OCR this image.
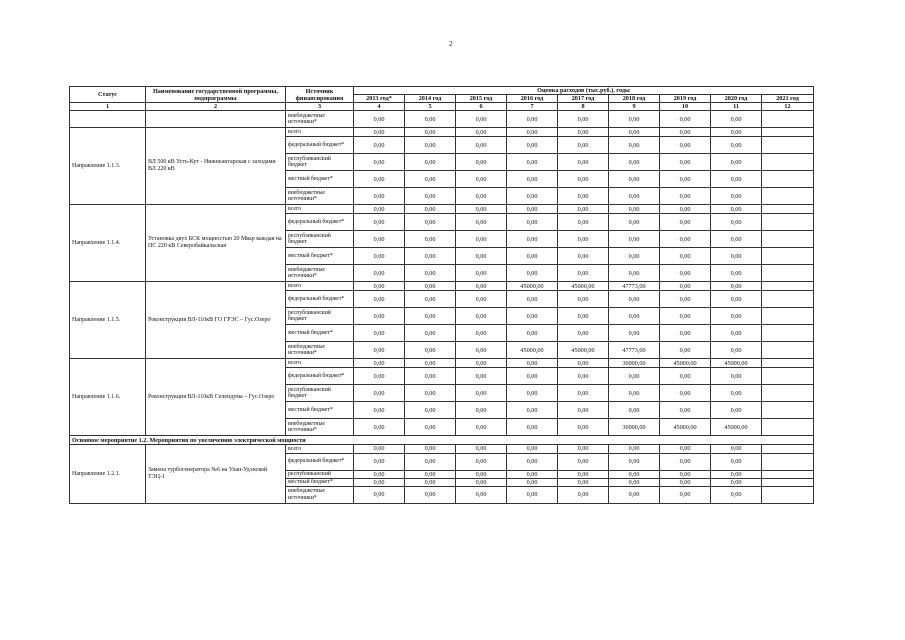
2
Статус	Наименование государственной программы, подпрограммы	Источник финансирования	Оценка расходов (тыс.руб.), годы								
			2013 год*	2014 год	2015 год	2016 год	2017 год	2018 год	2019 год	2020 год	2021 год
1	2	3	4	5	6	7	8	9	10	11	12
		внебюджетные источники*	0,00	0,00	0,00	0,00	0,00	0,00	0,00	0,00	
Направление 1.1.3.	ВЛ 500 кВ Усть-Кут - Нижнеангарская с заходами ВЛ 220 кВ	всего	0,00	0,00	0,00	0,00	0,00	0,00	0,00	0,00	
		федеральный бюджет*	0,00	0,00	0,00	0,00	0,00	0,00	0,00	0,00	
		республиканский бюджет	0,00	0,00	0,00	0,00	0,00	0,00	0,00	0,00	
		местный бюджет*	0,00	0,00	0,00	0,00	0,00	0,00	0,00	0,00	
		внебюджетные источники*	0,00	0,00	0,00	0,00	0,00	0,00	0,00	0,00	
Направление 1.1.4.	Установка двух БСК мощностью 20 Мвар каждая на ПС 220 кВ Северобайкальская	всего	0,00	0,00	0,00	0,00	0,00	0,00	0,00	0,00	
		федеральный бюджет*	0,00	0,00	0,00	0,00	0,00	0,00	0,00	0,00	
		республиканский бюджет	0,00	0,00	0,00	0,00	0,00	0,00	0,00	0,00	
		местный бюджет*	0,00	0,00	0,00	0,00	0,00	0,00	0,00	0,00	
		внебюджетные источники*	0,00	0,00	0,00	0,00	0,00	0,00	0,00	0,00	
Направление 1.1.5.	Реконструкция ВЛ-110кВ ГО ГРЭС – Гус.Озеро	всего	0,00	0,00	0,00	45000,00	45000,00	47773,00	0,00	0,00	
		федеральный бюджет*	0,00	0,00	0,00	0,00	0,00	0,00	0,00	0,00	
		республиканский бюджет	0,00	0,00	0,00	0,00	0,00	0,00	0,00	0,00	
		местный бюджет*	0,00	0,00	0,00	0,00	0,00	0,00	0,00	0,00	
		внебюджетные источники*	0,00	0,00	0,00	45000,00	45000,00	47773,00	0,00	0,00	
Направление 1.1.6.	Реконструкция ВЛ-110кВ Селендума – Гус.Озеро	всего	0,00	0,00	0,00	0,00	0,00	30000,00	45000,00	45000,00	
		федеральный бюджет*	0,00	0,00	0,00	0,00	0,00	0,00	0,00	0,00	
		республиканский бюджет	0,00	0,00	0,00	0,00	0,00	0,00	0,00	0,00	
		местный бюджет*	0,00	0,00	0,00	0,00	0,00	0,00	0,00	0,00	
		внебюджетные источники*	0,00	0,00	0,00	0,00	0,00	30000,00	45000,00	45000,00	
Основное мероприятие 1.2. Мероприятия по увеличению электрической мощности											
Направление 1.2.1.	Замена турбогенератора №6 на Улан-Удэнской ТЭЦ-1	всего	0,00	0,00	0,00	0,00	0,00	0,00	0,00	0,00	
		федеральный бюджет*	0,00	0,00	0,00	0,00	0,00	0,00	0,00	0,00	
		республиканский	0,00	0,00	0,00	0,00	0,00	0,00	0,00	0,00	
		местный бюджет*	0,00	0,00	0,00	0,00	0,00	0,00	0,00	0,00	
		внебюджетные источники*	0,00	0,00	0,00	0,00	0,00	0,00	0,00	0,00	
